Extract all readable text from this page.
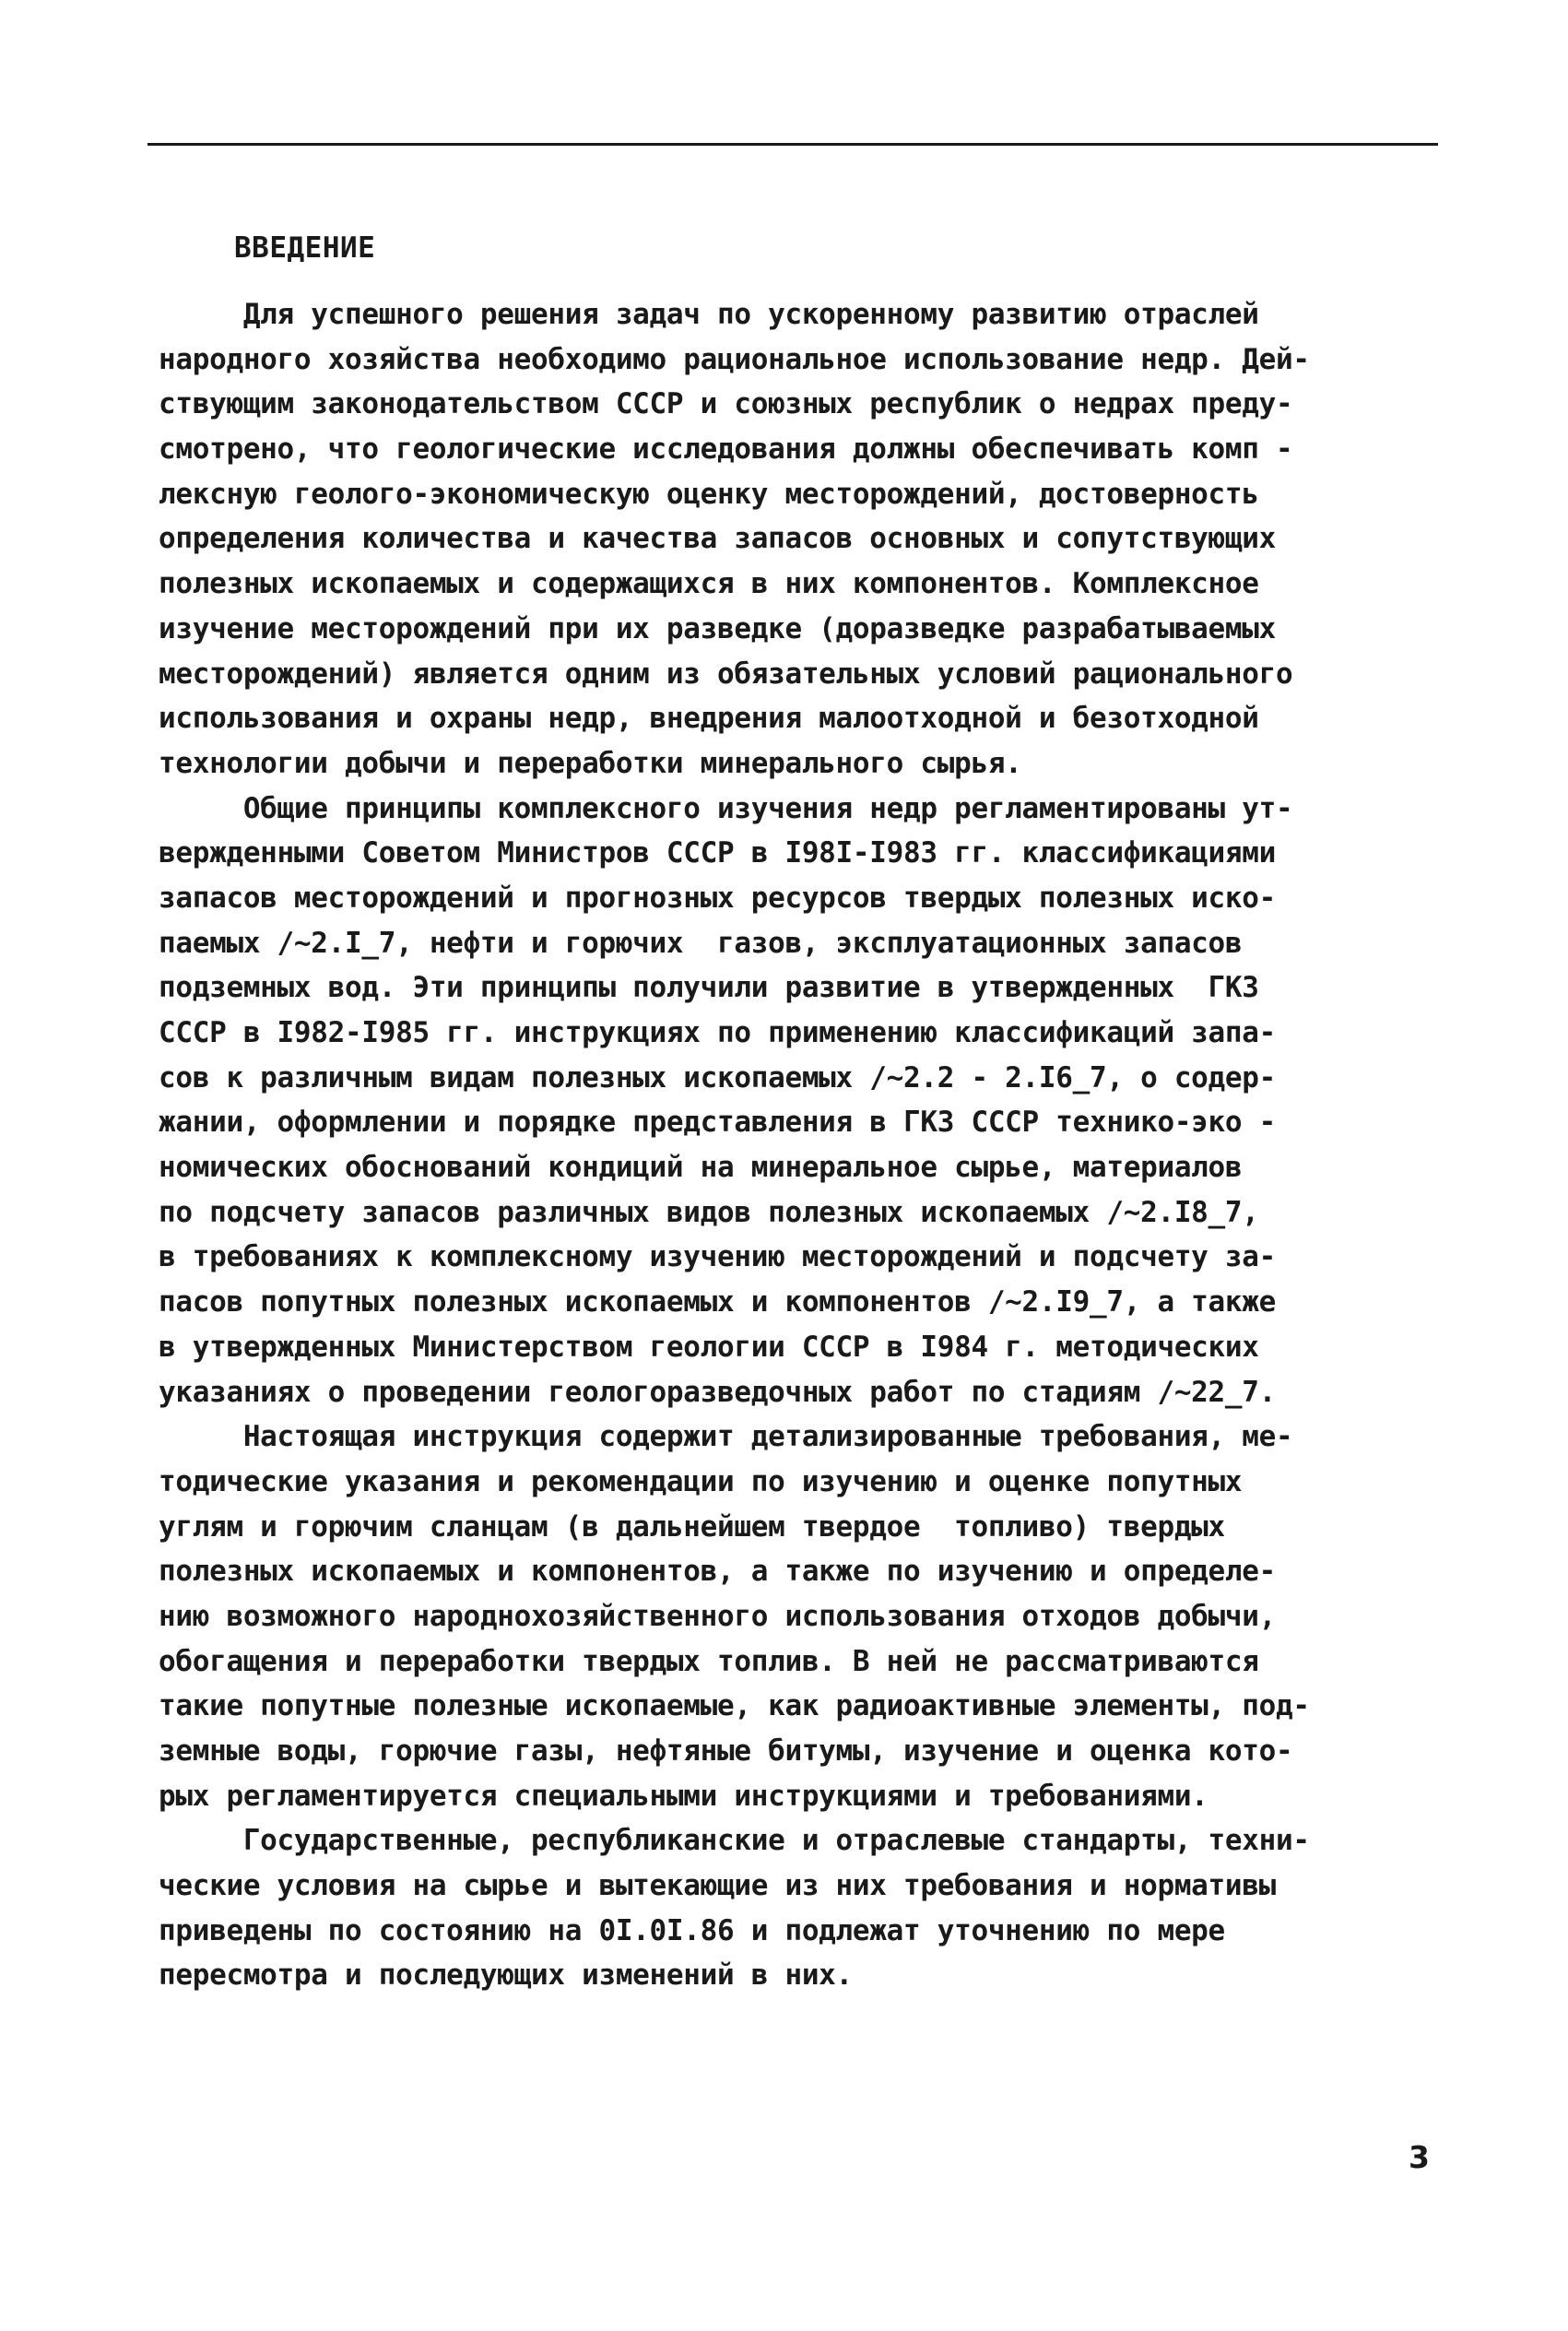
ВВЕДЕНИЕ
Для успешного решения задач по ускоренному развитию отраслей
народного хозяйства необходимо рациональное использование недр. Дей-
ствующим законодательством СССР и союзных республик о недрах преду-
смотрено, что геологические исследования должны обеспечивать комп -
лексную геолого-экономическую оценку месторождений, достоверность
определения количества и качества запасов основных и сопутствующих
полезных ископаемых и содержащихся в них компонентов. Комплексное
изучение месторождений при их разведке (доразведке разрабатываемых
месторождений) является одним из обязательных условий рационального
использования и охраны недр, внедрения малоотходной и безотходной
технологии добычи и переработки минерального сырья.
Общие принципы комплексного изучения недр регламентированы ут-
вержденными Советом Министров СССР в I98I-I983 гг. классификациями
запасов месторождений и прогнозных ресурсов твердых полезных иско-
паемых /~2.I_7, нефти и горючих  газов, эксплуатационных запасов
подземных вод. Эти принципы получили развитие в утвержденных  ГКЗ
СССР в I982-I985 гг. инструкциях по применению классификаций запа-
сов к различным видам полезных ископаемых /~2.2 - 2.I6_7, о содер-
жании, оформлении и порядке представления в ГКЗ СССР технико-эко -
номических обоснований кондиций на минеральное сырье, материалов
по подсчету запасов различных видов полезных ископаемых /~2.I8_7,
в требованиях к комплексному изучению месторождений и подсчету за-
пасов попутных полезных ископаемых и компонентов /~2.I9_7, а также
в утвержденных Министерством геологии СССР в I984 г. методических
указаниях о проведении геологоразведочных работ по стадиям /~22_7.
Настоящая инструкция содержит детализированные требования, ме-
тодические указания и рекомендации по изучению и оценке попутных
углям и горючим сланцам (в дальнейшем твердое  топливо) твердых
полезных ископаемых и компонентов, а также по изучению и определе-
нию возможного народнохозяйственного использования отходов добычи,
обогащения и переработки твердых топлив. В ней не рассматриваются
такие попутные полезные ископаемые, как радиоактивные элементы, под-
земные воды, горючие газы, нефтяные битумы, изучение и оценка кото-
рых регламентируется специальными инструкциями и требованиями.
Государственные, республиканские и отраслевые стандарты, техни-
ческие условия на сырье и вытекающие из них требования и нормативы
приведены по состоянию на 0I.0I.86 и подлежат уточнению по мере
пересмотра и последующих изменений в них.
3
